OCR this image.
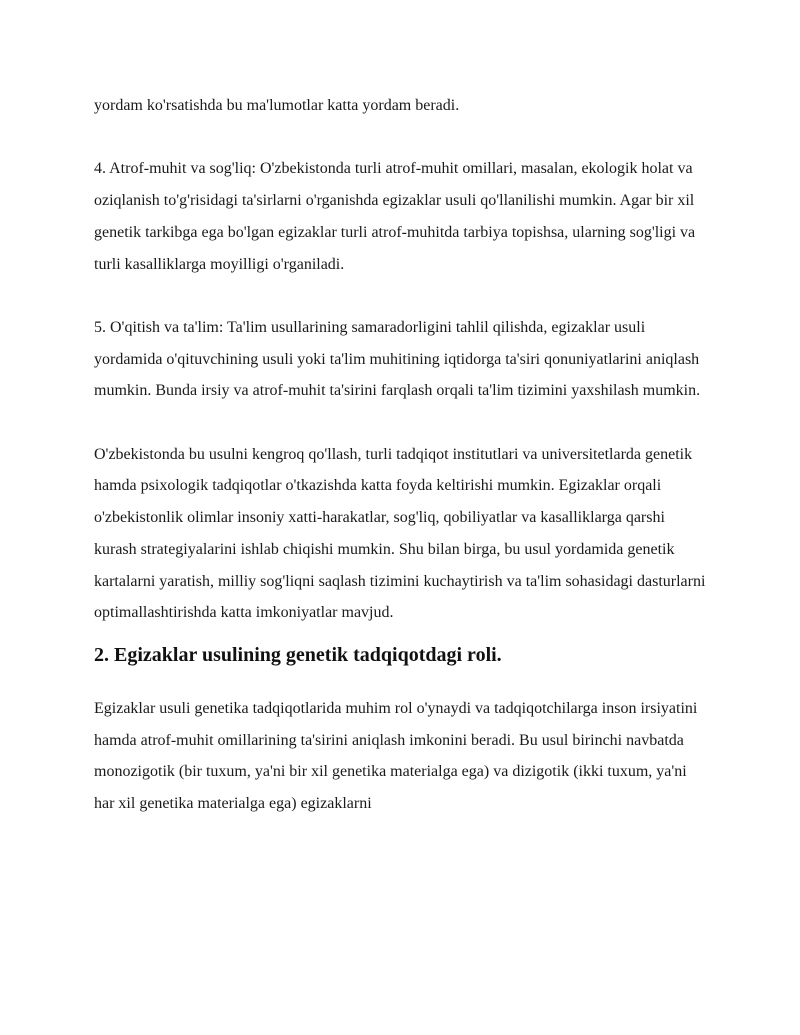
yordam ko'rsatishda bu ma'lumotlar katta yordam beradi.

4. Atrof-muhit va sog'liq: O'zbekistonda turli atrof-muhit omillari, masalan, ekologik holat va oziqlanish to'g'risidagi ta'sirlarni o'rganishda egizaklar usuli qo'llanilishi mumkin. Agar bir xil genetik tarkibga ega bo'lgan egizaklar turli atrof-muhitda tarbiya topishsa, ularning sog'ligi va turli kasalliklarga moyilligi o'rganiladi.

5. O'qitish va ta'lim: Ta'lim usullarining samaradorligini tahlil qilishda, egizaklar usuli yordamida o'qituvchining usuli yoki ta'lim muhitining iqtidorga ta'siri qonuniyatlarini aniqlash mumkin. Bunda irsiy va atrof-muhit ta'sirini farqlash orqali ta'lim tizimini yaxshilash mumkin.

O'zbekistonda bu usulni kengroq qo'llash, turli tadqiqot institutlari va universitetlarda genetik hamda psixologik tadqiqotlar o'tkazishda katta foyda keltirishi mumkin. Egizaklar orqali o'zbekistonlik olimlar insoniy xatti-harakatlar, sog'liq, qobiliyatlar va kasalliklarga qarshi kurash strategiyalarini ishlab chiqishi mumkin. Shu bilan birga, bu usul yordamida genetik kartalarni yaratish, milliy sog'liqni saqlash tizimini kuchaytirish va ta'lim sohasidagi dasturlarni optimallashtirishda katta imkoniyatlar mavjud.

2. Egizaklar usulining genetik tadqiqotdagi roli.

Egizaklar usuli genetika tadqiqotlarida muhim rol o'ynaydi va tadqiqotchilarga inson irsiyatini hamda atrof-muhit omillarining ta'sirini aniqlash imkonini beradi. Bu usul birinchi navbatda monozigotik (bir tuxum, ya'ni bir xil genetika materialga ega) va dizigotik (ikki tuxum, ya'ni har xil genetika materialga ega) egizaklarni
